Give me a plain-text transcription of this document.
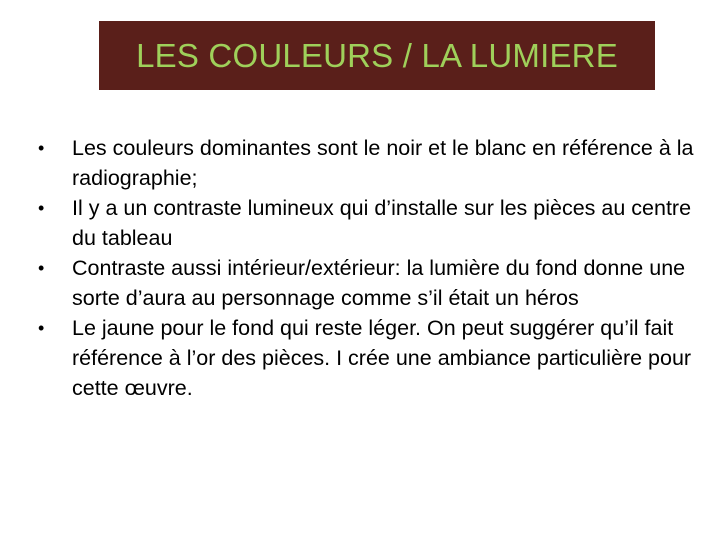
LES COULEURS / LA LUMIERE
• Les couleurs dominantes sont le noir et le blanc en référence à la radiographie;
• Il y a un contraste lumineux qui d’installe sur les pièces au centre du tableau
• Contraste aussi intérieur/extérieur: la lumière du fond donne une sorte d’aura au personnage comme s’il était un héros
• Le jaune pour le fond qui reste léger. On peut suggérer qu’il fait référence à l’or des pièces. I crée une ambiance particulière pour cette œuvre.
